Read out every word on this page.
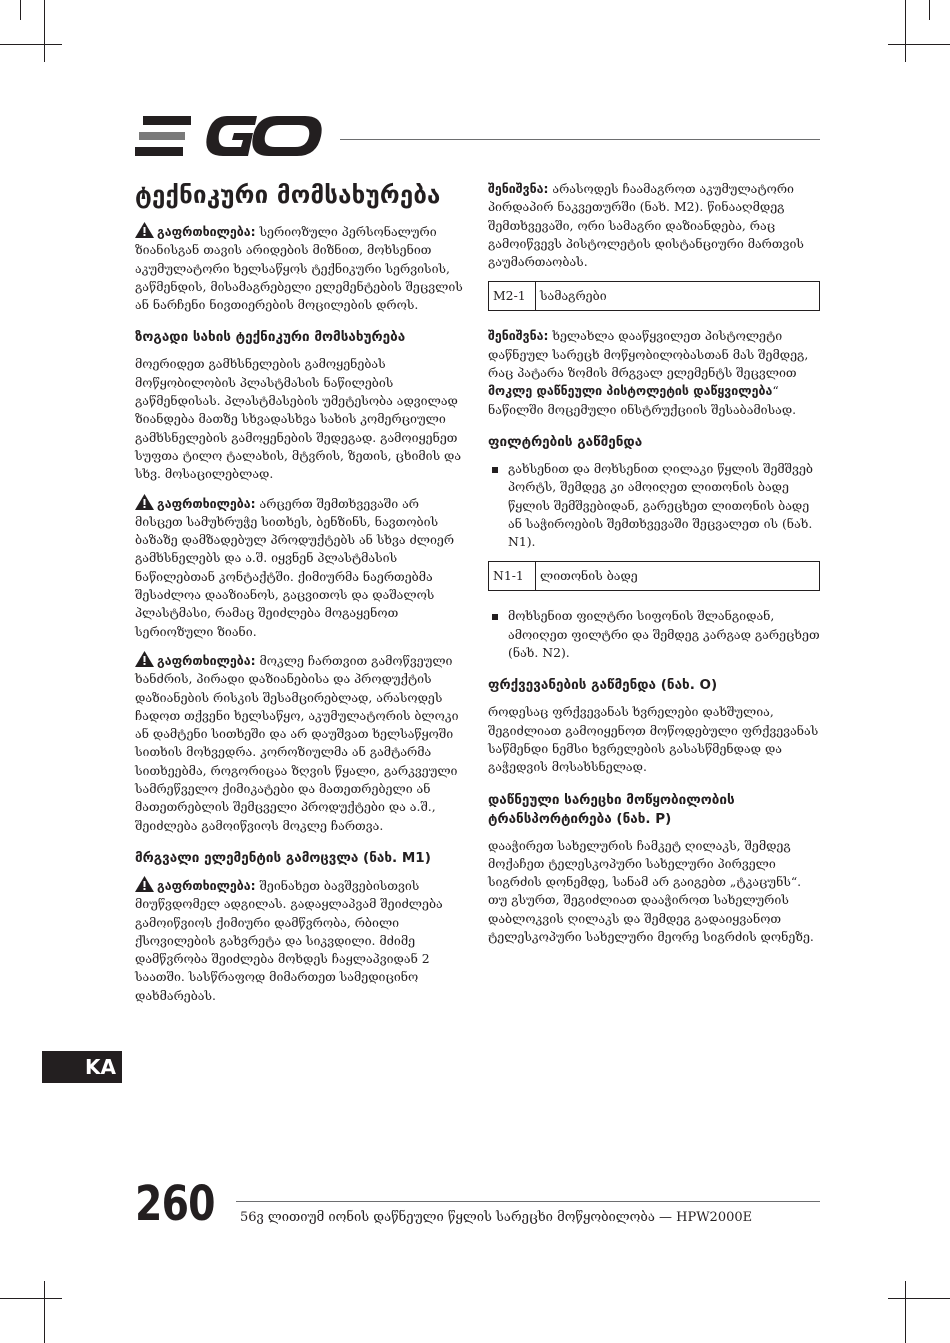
ტექნიკური მომსახურება

გაფრთხილება: სერიოზული პერსონალური ზიანისგან თავის არიდების მიზნით, მოხსენით აკუმულატორი ხელსაწყოს ტექნიკური სერვისის, გაწმენდის, მისამაგრებელი ელემენტების შეცვლის ან ნარჩენი ნივთიერების მოცილების დროს.

ზოგადი სახის ტექნიკური მომსახურება

მოერიდეთ გამხსნელების გამოყენებას მოწყობილობის პლასტმასის ნაწილების გაწმენდისას. პლასტმასების უმეტესობა ადვილად ზიანდება მათზე სხვადასხვა სახის კომერციული გამხსნელების გამოყენების შედეგად. გამოიყენეთ სუფთა ტილო ტალახის, მტვრის, ზეთის, ცხიმის და სხვ. მოსაცილებლად.

გაფრთხილება: არცერთ შემთხვევაში არ მისცეთ სამუხრუჭე სითხეს, ბენზინს, ნავთობის ბაზაზე დამზადებულ პროდუქტებს ან სხვა ძლიერ გამხსნელებს და ა.შ. იყვნენ პლასტმასის ნაწილებთან კონტაქტში. ქიმიურმა ნაერთებმა შესაძლოა დააზიანოს, გაცვითოს და დაშალოს პლასტმასი, რამაც შეიძლება მოგაყენოთ სერიოზული ზიანი.

გაფრთხილება: მოკლე ჩართვით გამოწვეული ხანძრის, პირადი დაზიანებისა და პროდუქტის დაზიანების რისკის შესამცირებლად, არასოდეს ჩადოთ თქვენი ხელსაწყო, აკუმულატორის ბლოკი ან დამტენი სითხეში და არ დაუშვათ ხელსაწყოში სითხის მოხვედრა. კოროზიულმა ან გამტარმა სითხეებმა, როგორიცაა ზღვის წყალი, გარკვეული სამრეწველო ქიმიკატები და მათეთრებელი ან მათეთრებლის შემცველი პროდუქტები და ა.შ., შეიძლება გამოიწვიოს მოკლე ჩართვა.

მრგვალი ელემენტის გამოცვლა (ნახ. M1)

გაფრთხილება: შეინახეთ ბავშვებისთვის მიუწვდომელ ადგილას. გადაყლაპვამ შეიძლება გამოიწვიოს ქიმიური დამწვრობა, რბილი ქსოვილების გახვრეტა და სიკვდილი. მძიმე დამწვრობა შეიძლება მოხდეს ჩაყლაპვიდან 2 საათში. სასწრაფოდ მიმართეთ სამედიცინო დახმარებას.

შენიშვნა: არასოდეს ჩაამაგროთ აკუმულატორი პირდაპირ ნაკვეთურში (ნახ. M2). წინააღმდეგ შემთხვევაში, ორი სამაგრი დაზიანდება, რაც გამოიწვევს პისტოლეტის დისტანციური მართვის გაუმართაობას.

M2-1	სამაგრები

შენიშვნა: ხელახლა დააწყვილეთ პისტოლეტი დაწნეულ სარეცხ მოწყობილობასთან მას შემდეგ, რაც პატარა ზომის მრგვალ ელემენტს შეცვლით მოკლე დაწნეული პისტოლეტის დაწყვილება“ ნაწილში მოცემული ინსტრუქციის შესაბამისად.

ფილტრების გაწმენდა
გახსენით და მოხსენით ღილაკი წყლის შემშვებ პორტს, შემდეგ კი ამოიღეთ ლითონის ბადე წყლის შემშვებიდან, გარეცხეთ ლითონის ბადე ან საჭიროების შემთხვევაში შეცვალეთ ის (ნახ. N1).
N1-1	ლითონის ბადე
მოხსენით ფილტრი სიფონის შლანგიდან, ამოიღეთ ფილტრი და შემდეგ კარგად გარეცხეთ (ნახ. N2).
ფრქვევანების გაწმენდა (ნახ. O)

როდესაც ფრქვევანას ხვრელები დახშულია, შეგიძლიათ გამოიყენოთ მოწოდებული ფრქვევანას საწმენდი ნემსი ხვრელების გასასწმენდად და გაჭედვის მოსახსნელად.

დაწნეული სარეცხი მოწყობილობის ტრანსპორტირება (ნახ. P)

დააჭირეთ სახელურის ჩამკეტ ღილაკს, შემდეგ მოქაჩეთ ტელესკოპური სახელური პირველი სიგრძის დონემდე, სანამ არ გაიგებთ „ტკაცუნს“. თუ გსურთ, შეგიძლიათ დააჭიროთ სახელურის დაბლოკვის ღილაკს და შემდეგ გადაიყვანოთ ტელესკოპური სახელური მეორე სიგრძის დონეზე.

KA
260 56ვ ლითიუმ იონის დაწნეული წყლის სარეცხი მოწყობილობა — HPW2000E
